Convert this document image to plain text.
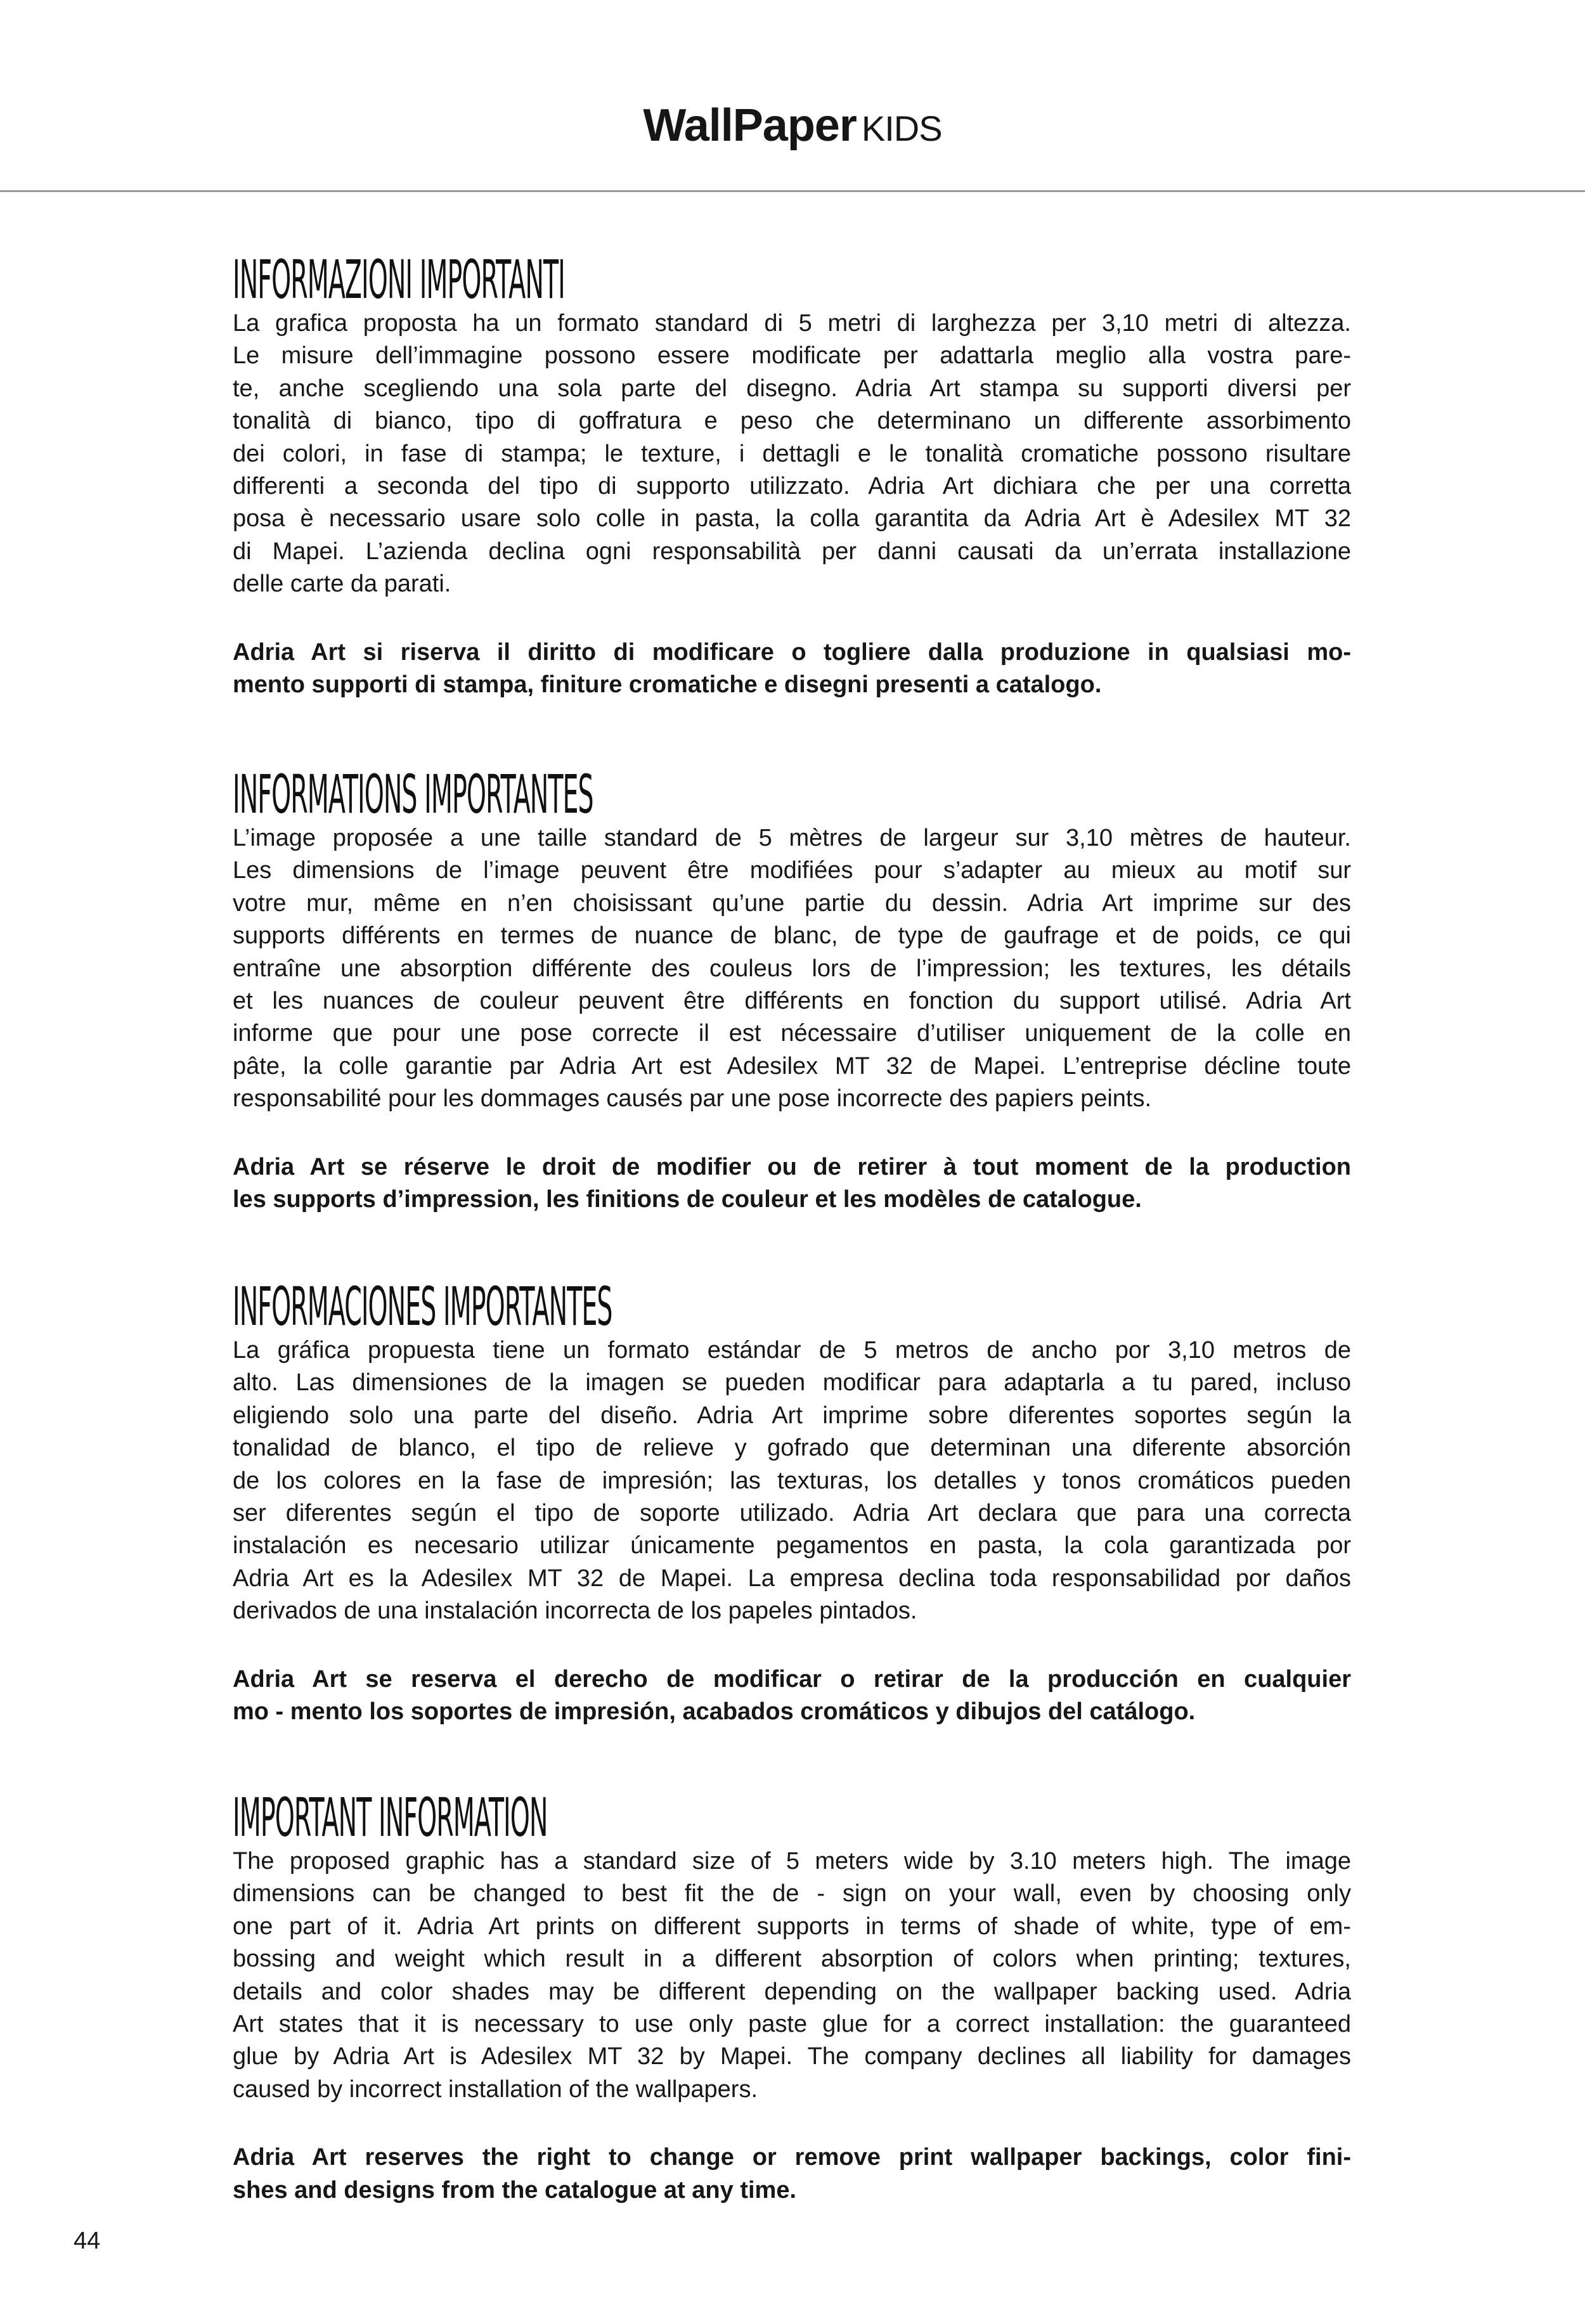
WallPaper KIDS
INFORMAZIONI IMPORTANTI
La grafica proposta ha un formato standard di 5 metri di larghezza per 3,10 metri di altezza.
Le misure dell’immagine possono essere modificate per adattarla meglio alla vostra pare-
te, anche scegliendo una sola parte del disegno. Adria Art stampa su supporti diversi per
tonalità di bianco, tipo di goffratura e peso che determinano un differente assorbimento
dei colori, in fase di stampa; le texture, i dettagli e le tonalità cromatiche possono risultare
differenti a seconda del tipo di supporto utilizzato. Adria Art dichiara che per una corretta
posa è necessario usare solo colle in pasta, la colla garantita da Adria Art è Adesilex MT 32
di Mapei. L’azienda declina ogni responsabilità per danni causati da un’errata installazione
delle carte da parati.
Adria Art si riserva il diritto di modificare o togliere dalla produzione in qualsiasi mo-
mento supporti di stampa, finiture cromatiche e disegni presenti a catalogo.
INFORMATIONS IMPORTANTES
L’image proposée a une taille standard de 5 mètres de largeur sur 3,10 mètres de hauteur.
Les dimensions de l’image peuvent être modifiées pour s’adapter au mieux au motif sur
votre mur, même en n’en choisissant qu’une partie du dessin. Adria Art imprime sur des
supports différents en termes de nuance de blanc, de type de gaufrage et de poids, ce qui
entraîne une absorption différente des couleus lors de l’impression; les textures, les détails
et les nuances de couleur peuvent être différents en fonction du support utilisé. Adria Art
informe que pour une pose correcte il est nécessaire d’utiliser uniquement de la colle en
pâte, la colle garantie par Adria Art est Adesilex MT 32 de Mapei. L’entreprise décline toute
responsabilité pour les dommages causés par une pose incorrecte des papiers peints.
Adria Art se réserve le droit de modifier ou de retirer à tout moment de la production
les supports d’impression, les finitions de couleur et les modèles de catalogue.
INFORMACIONES IMPORTANTES
La gráfica propuesta tiene un formato estándar de 5 metros de ancho por 3,10 metros de
alto. Las dimensiones de la imagen se pueden modificar para adaptarla a tu pared, incluso
eligiendo solo una parte del diseño. Adria Art imprime sobre diferentes soportes según la
tonalidad de blanco, el tipo de relieve y gofrado que determinan una diferente absorción
de los colores en la fase de impresión; las texturas, los detalles y tonos cromáticos pueden
ser diferentes según el tipo de soporte utilizado. Adria Art declara que para una correcta
instalación es necesario utilizar únicamente pegamentos en pasta, la cola garantizada por
Adria Art es la Adesilex MT 32 de Mapei. La empresa declina toda responsabilidad por daños
derivados de una instalación incorrecta de los papeles pintados.
Adria Art se reserva el derecho de modificar o retirar de la producción en cualquier
mo - mento los soportes de impresión, acabados cromáticos y dibujos del catálogo.
IMPORTANT INFORMATION
The proposed graphic has a standard size of 5 meters wide by 3.10 meters high. The image
dimensions can be changed to best fit the de - sign on your wall, even by choosing only
one part of it. Adria Art prints on different supports in terms of shade of white, type of em-
bossing and weight which result in a different absorption of colors when printing; textures,
details and color shades may be different depending on the wallpaper backing used. Adria
Art states that it is necessary to use only paste glue for a correct installation: the guaranteed
glue by Adria Art is Adesilex MT 32 by Mapei. The company declines all liability for damages
caused by incorrect installation of the wallpapers.
Adria Art reserves the right to change or remove print wallpaper backings, color fini-
shes and designs from the catalogue at any time.
44
